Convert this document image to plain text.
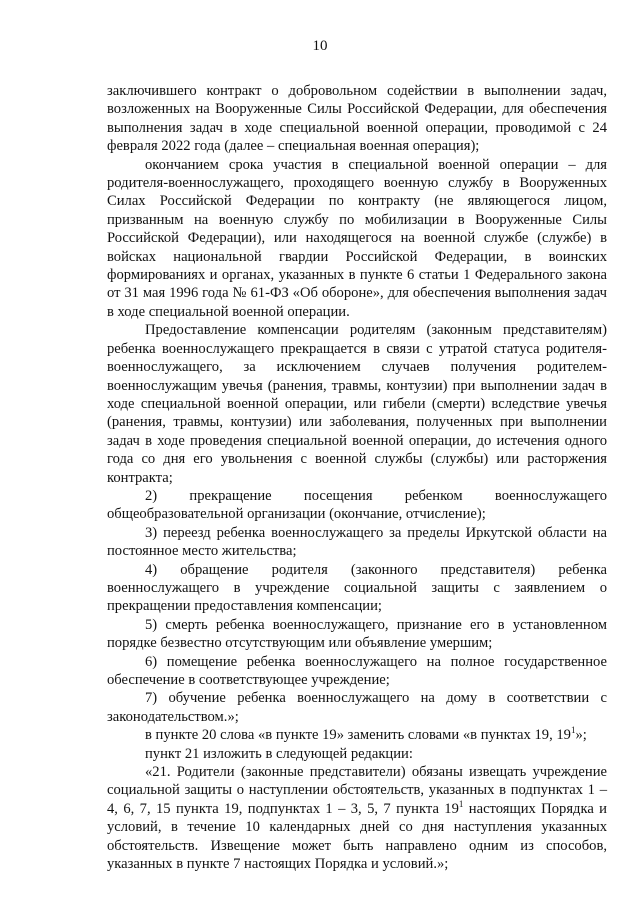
10

заключившего контракт о добровольном содействии в выполнении задач, возложенных на Вооруженные Силы Российской Федерации, для обеспечения выполнения задач в ходе специальной военной операции, проводимой с 24 февраля 2022 года (далее – специальная военная операция);

окончанием срока участия в специальной военной операции – для родителя-военнослужащего, проходящего военную службу в Вооруженных Силах Российской Федерации по контракту (не являющегося лицом, призванным на военную службу по мобилизации в Вооруженные Силы Российской Федерации), или находящегося на военной службе (службе) в войсках национальной гвардии Российской Федерации, в воинских формированиях и органах, указанных в пункте 6 статьи 1 Федерального закона от 31 мая 1996 года № 61-ФЗ «Об обороне», для обеспечения выполнения задач в ходе специальной военной операции.

Предоставление компенсации родителям (законным представителям) ребенка военнослужащего прекращается в связи с утратой статуса родителя-военнослужащего, за исключением случаев получения родителем-военнослужащим увечья (ранения, травмы, контузии) при выполнении задач в ходе специальной военной операции, или гибели (смерти) вследствие увечья (ранения, травмы, контузии) или заболевания, полученных при выполнении задач в ходе проведения специальной военной операции, до истечения одного года со дня его увольнения с военной службы (службы) или расторжения контракта;

2) прекращение посещения ребенком военнослужащего общеобразовательной организации (окончание, отчисление);

3) переезд ребенка военнослужащего за пределы Иркутской области на постоянное место жительства;

4) обращение родителя (законного представителя) ребенка военнослужащего в учреждение социальной защиты с заявлением о прекращении предоставления компенсации;

5) смерть ребенка военнослужащего, признание его в установленном порядке безвестно отсутствующим или объявление умершим;

6) помещение ребенка военнослужащего на полное государственное обеспечение в соответствующее учреждение;

7) обучение ребенка военнослужащего на дому в соответствии с законодательством.»;

в пункте 20 слова «в пункте 19» заменить словами «в пунктах 19, $19^1$»;

пункт 21 изложить в следующей редакции:

«21. Родители (законные представители) обязаны извещать учреждение социальной защиты о наступлении обстоятельств, указанных в подпунктах 1 – 4, 6, 7, 15 пункта 19, подпунктах 1 – 3, 5, 7 пункта $19^1$ настоящих Порядка и условий, в течение 10 календарных дней со дня наступления указанных обстоятельств. Извещение может быть направлено одним из способов, указанных в пункте 7 настоящих Порядка и условий.»;
